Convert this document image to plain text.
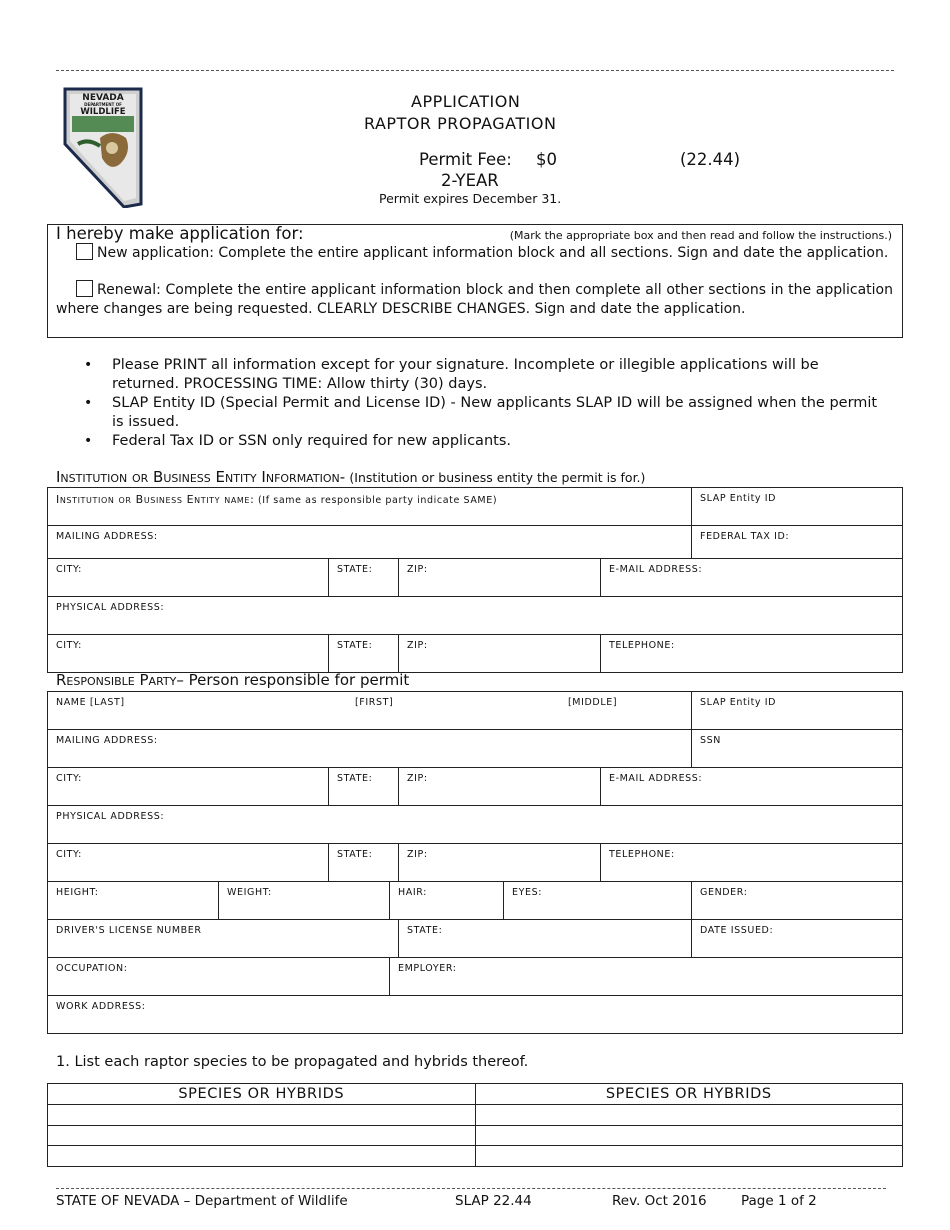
NEVADA
DEPARTMENT OF
WILDLIFE
APPLICATION
RAPTOR PROPAGATION
Permit Fee: $0	(22.44)
2-YEAR
Permit expires December 31.
I hereby make application for:	(Mark the appropriate box and then read and follow the instructions.)
New application: Complete the entire applicant information block and all sections. Sign and date the application.
Renewal: Complete the entire applicant information block and then complete all other sections in the application where changes are being requested. CLEARLY DESCRIBE CHANGES. Sign and date the application.
• Please PRINT all information except for your signature. Incomplete or illegible applications will be returned. PROCESSING TIME: Allow thirty (30) days.
• SLAP Entity ID (Special Permit and License ID) - New applicants SLAP ID will be assigned when the permit is issued.
• Federal Tax ID or SSN only required for new applicants.
Institution or Business Entity Information- (Institution or business entity the permit is for.)
Institution or Business Entity name: (If same as responsible party indicate SAME)	SLAP Entity ID
MAILING ADDRESS:	FEDERAL TAX ID:
CITY:	STATE:	ZIP:	E-MAIL ADDRESS:
PHYSICAL ADDRESS:
CITY:	STATE:	ZIP:	TELEPHONE:
Responsible Party– Person responsible for permit
NAME [LAST]	[FIRST]	[MIDDLE]	SLAP Entity ID
MAILING ADDRESS:	SSN
CITY:	STATE:	ZIP:	E-MAIL ADDRESS:
PHYSICAL ADDRESS:
CITY:	STATE:	ZIP:	TELEPHONE:
HEIGHT:	WEIGHT:	HAIR:	EYES:	GENDER:
DRIVER'S LICENSE NUMBER	STATE:	DATE ISSUED:
OCCUPATION:	EMPLOYER:
WORK ADDRESS:
1. List each raptor species to be propagated and hybrids thereof.
SPECIES OR HYBRIDS	SPECIES OR HYBRIDS

STATE OF NEVADA – Department of Wildlife	SLAP 22.44	Rev. Oct 2016	Page 1 of 2
